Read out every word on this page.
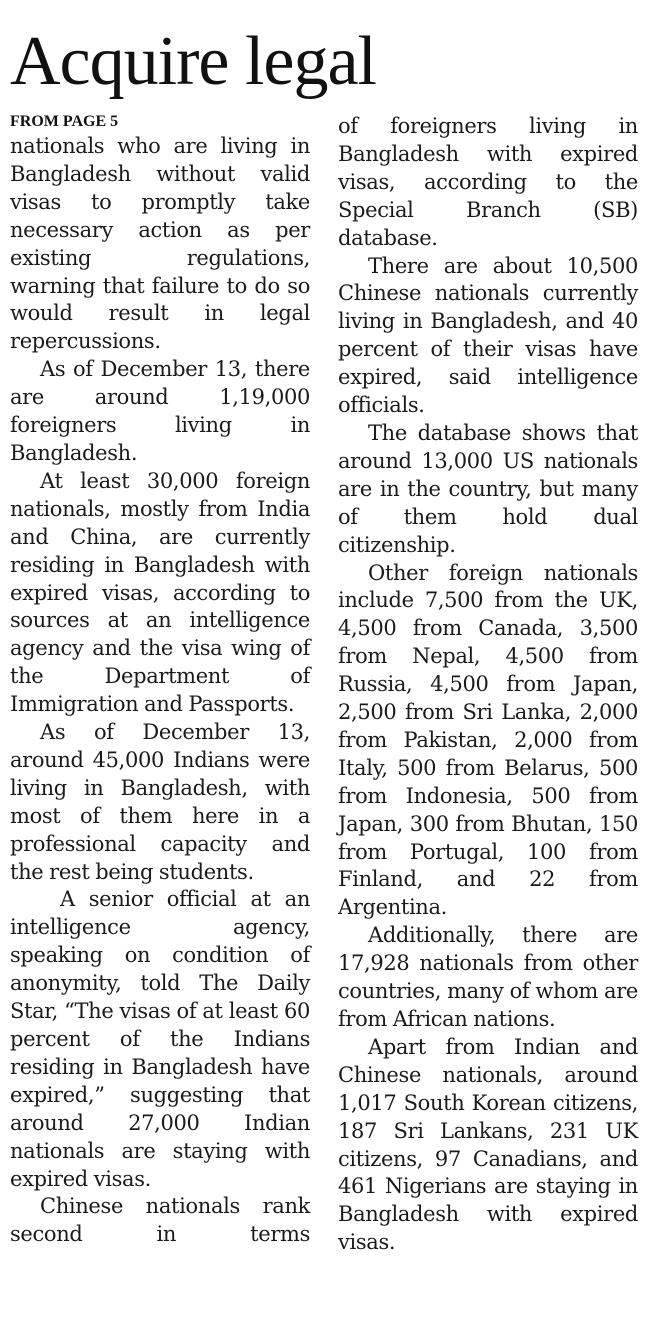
Acquire legal

FROM PAGE 5

nationals who are living in Bangladesh without valid visas to promptly take necessary action as per existing regulations, warning that failure to do so would result in legal repercussions.

As of December 13, there are around 1,19,000 foreigners living in Bangladesh.

At least 30,000 foreign nationals, mostly from India and China, are currently residing in Bangladesh with expired visas, according to sources at an intelligence agency and the visa wing of the Department of Immigration and Passports.

As of December 13, around 45,000 Indians were living in Bangladesh, with most of them here in a professional capacity and the rest being students.

A senior official at an intelligence agency, speaking on condition of anonymity, told The Daily Star, “The visas of at least 60 percent of the Indians residing in Bangladesh have expired,” suggesting that around 27,000 Indian nationals are staying with expired visas.

Chinese nationals rank second in terms

of foreigners living in Bangladesh with expired visas, according to the Special Branch (SB) database.

There are about 10,500 Chinese nationals currently living in Bangladesh, and 40 percent of their visas have expired, said intelligence officials.

The database shows that around 13,000 US nationals are in the country, but many of them hold dual citizenship.

Other foreign nationals include 7,500 from the UK, 4,500 from Canada, 3,500 from Nepal, 4,500 from Russia, 4,500 from Japan, 2,500 from Sri Lanka, 2,000 from Pakistan, 2,000 from Italy, 500 from Belarus, 500 from Indonesia, 500 from Japan, 300 from Bhutan, 150 from Portugal, 100 from Finland, and 22 from Argentina.

Additionally, there are 17,928 nationals from other countries, many of whom are from African nations.

Apart from Indian and Chinese nationals, around 1,017 South Korean citizens, 187 Sri Lankans, 231 UK citizens, 97 Canadians, and 461 Nigerians are staying in Bangladesh with expired visas.
